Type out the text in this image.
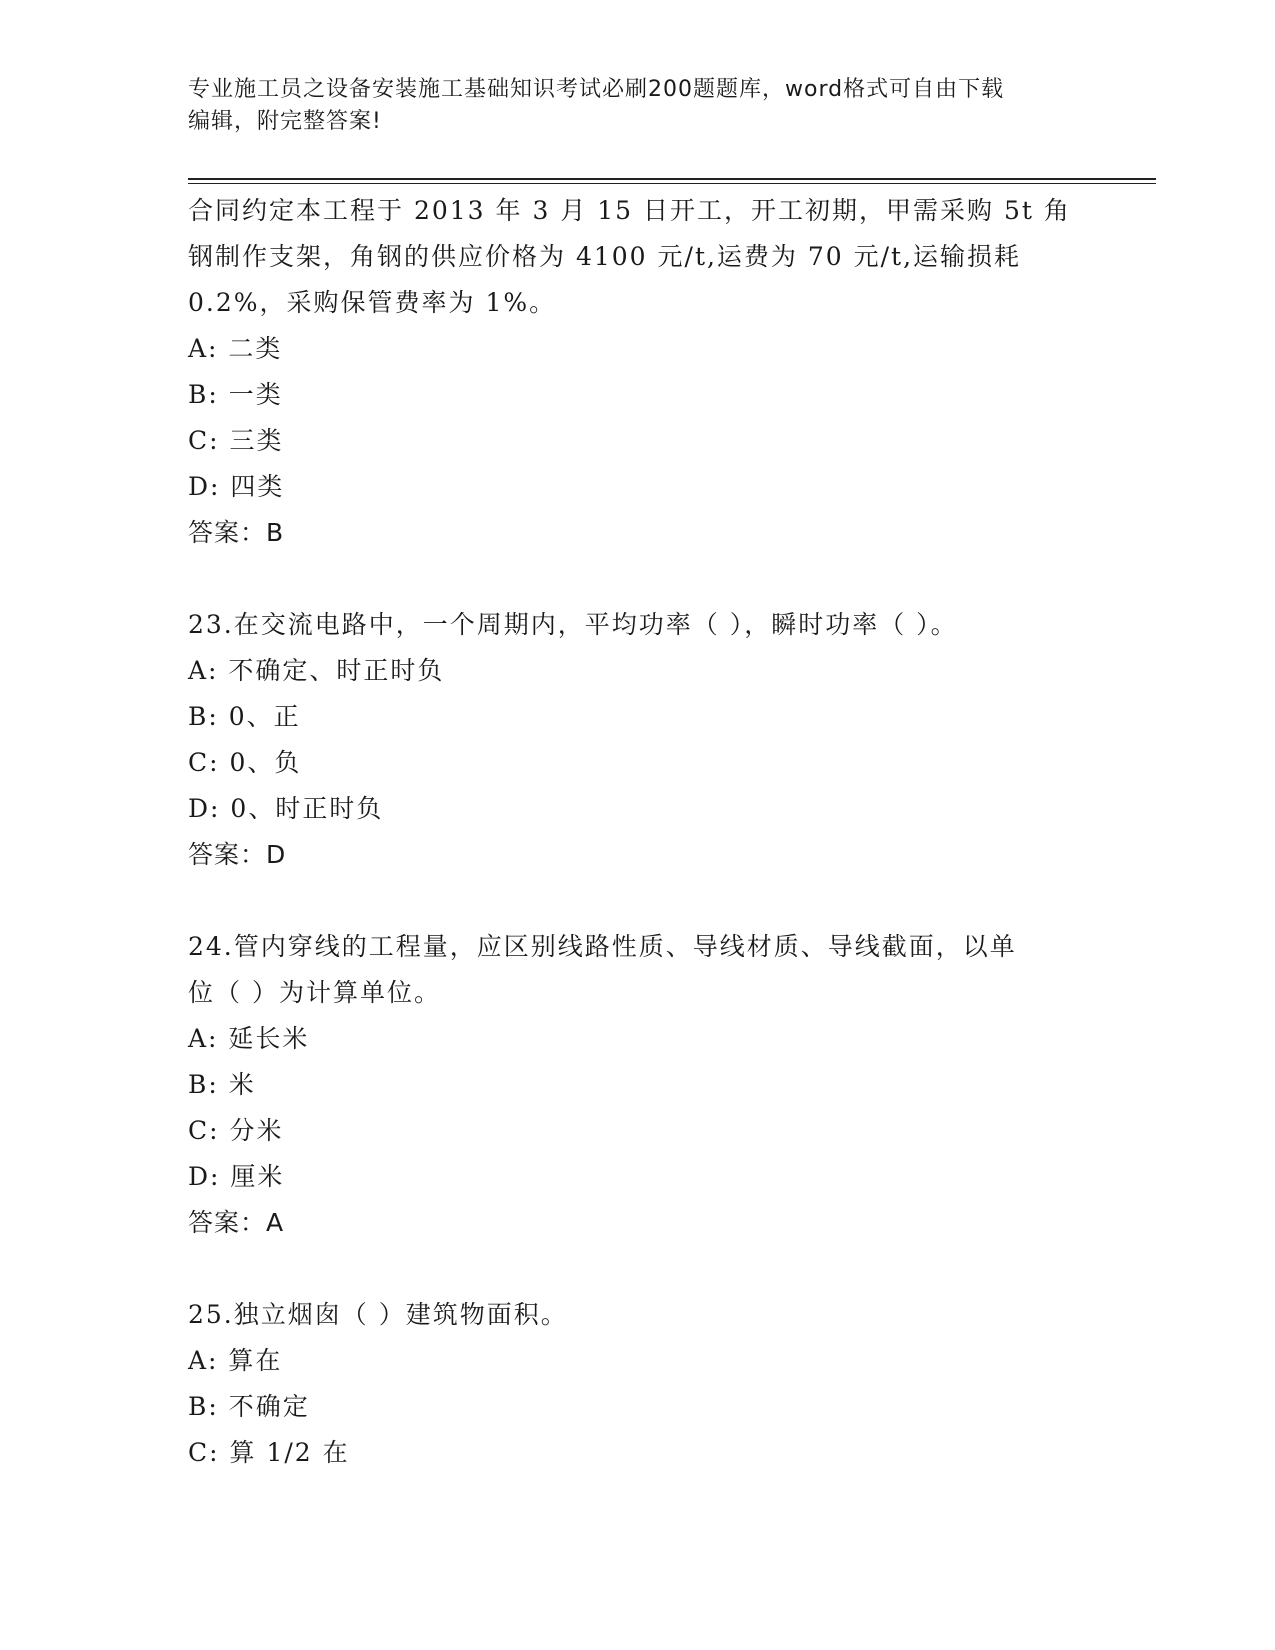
专业施工员之设备安装施工基础知识考试必刷200题题库，word格式可自由下载
编辑，附完整答案!
合同约定本工程于 2013 年 3 月 15 日开工，开工初期，甲需采购 5t 角
钢制作支架，角钢的供应价格为 4100 元/t,运费为 70 元/t,运输损耗
0.2%，采购保管费率为 1%。
A: 二类
B: 一类
C: 三类
D: 四类
答案：B
23.在交流电路中，一个周期内，平均功率（ ），瞬时功率（ ）。
A: 不确定、时正时负
B: 0、正
C: 0、负
D: 0、时正时负
答案：D
24.管内穿线的工程量，应区别线路性质、导线材质、导线截面，以单
位（ ）为计算单位。
A: 延长米
B: 米
C: 分米
D: 厘米
答案：A
25.独立烟囱（ ）建筑物面积。
A: 算在
B: 不确定
C: 算 1/2 在
